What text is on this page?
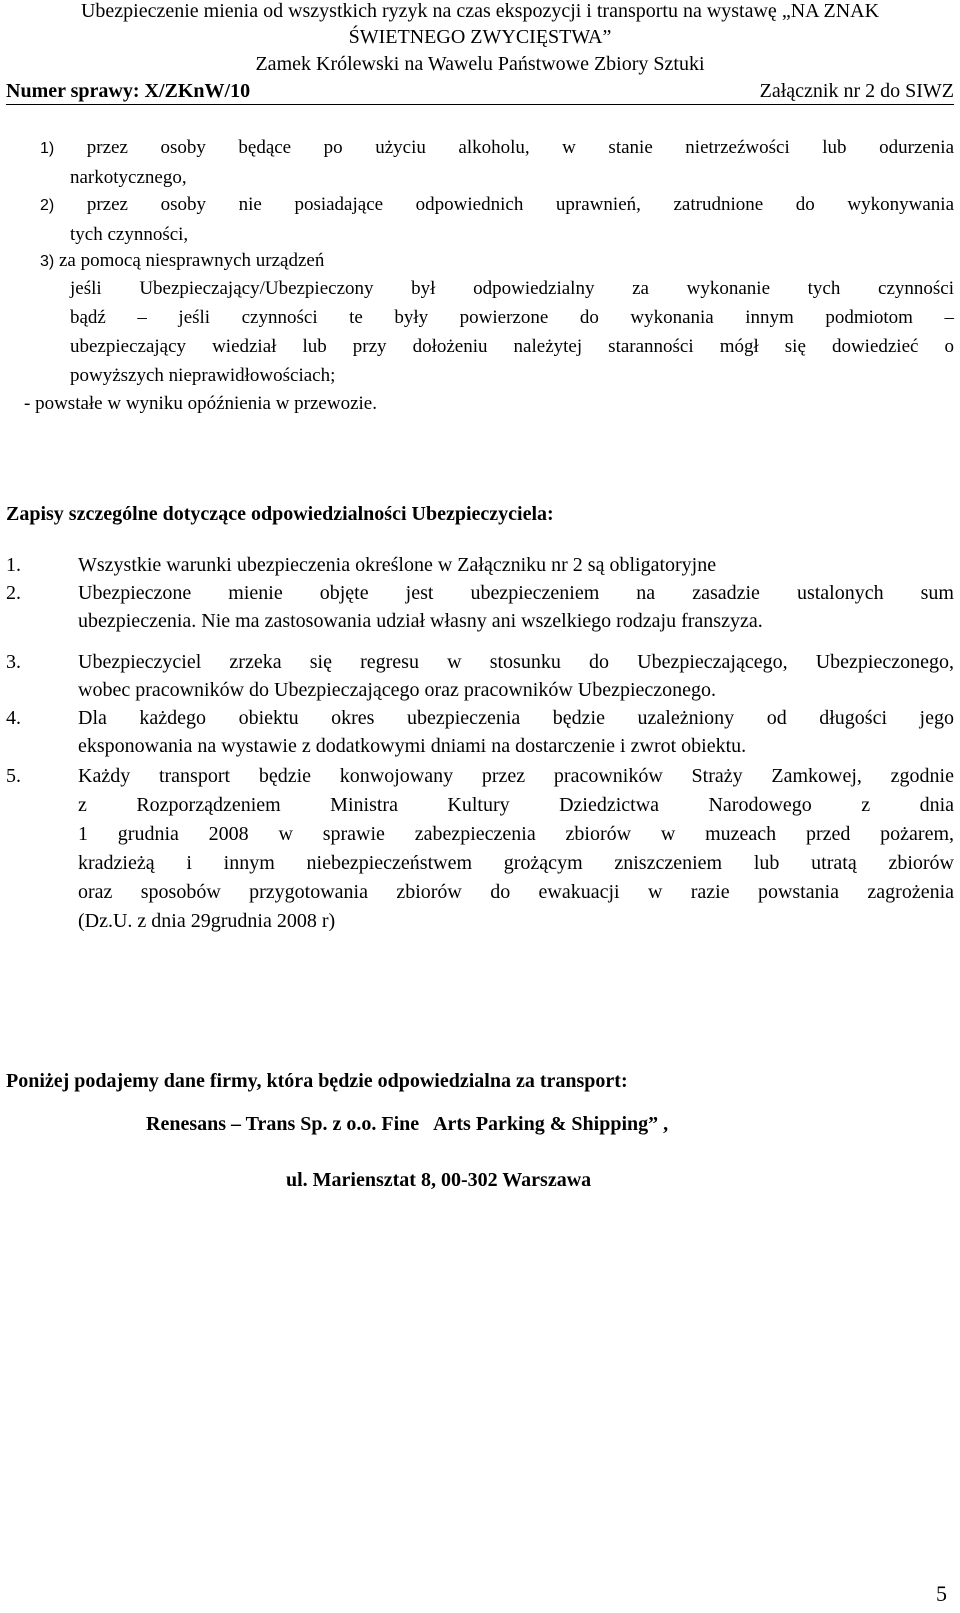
Ubezpieczenie mienia od wszystkich ryzyk na czas ekspozycji i transportu na wystawę „NA ZNAK
ŚWIETNEGO ZWYCIĘSTWA”
Zamek Królewski na Wawelu Państwowe Zbiory Sztuki
Numer sprawy: X/ZKnW/10	Załącznik nr 2 do SIWZ
1) przez osoby będące po użyciu alkoholu, w stanie nietrzeźwości lub odurzenia
narkotycznego,
2) przez osoby nie posiadające odpowiednich uprawnień, zatrudnione do wykonywania
tych czynności,
3) za pomocą niesprawnych urządzeń
jeśli Ubezpieczający/Ubezpieczony był odpowiedzialny za wykonanie tych czynności
bądź – jeśli czynności te były powierzone do wykonania innym podmiotom –
ubezpieczający wiedział lub przy dołożeniu należytej staranności mógł się dowiedzieć o
powyższych nieprawidłowościach;
- powstałe w wyniku opóźnienia w przewozie.
Zapisy szczególne dotyczące odpowiedzialności Ubezpieczyciela:
1.	Wszystkie warunki ubezpieczenia określone w Załączniku nr 2 są obligatoryjne
2.	Ubezpieczone mienie objęte jest ubezpieczeniem na zasadzie ustalonych sum
ubezpieczenia. Nie ma zastosowania udział własny ani wszelkiego rodzaju franszyza.
3.	Ubezpieczyciel zrzeka się regresu w stosunku do Ubezpieczającego, Ubezpieczonego,
wobec pracowników do Ubezpieczającego oraz pracowników Ubezpieczonego.
4.	Dla każdego obiektu okres ubezpieczenia będzie uzależniony od długości jego
eksponowania na wystawie z dodatkowymi dniami na dostarczenie i zwrot obiektu.
5.	Każdy transport będzie konwojowany przez pracowników Straży Zamkowej, zgodnie
z Rozporządzeniem Ministra Kultury Dziedzictwa Narodowego z dnia
1 grudnia 2008 w sprawie zabezpieczenia zbiorów w muzeach przed pożarem,
kradzieżą i innym niebezpieczeństwem grożącym zniszczeniem lub utratą zbiorów
oraz sposobów przygotowania zbiorów do ewakuacji w razie powstania zagrożenia
(Dz.U. z dnia 29grudnia 2008 r)
Poniżej podajemy dane firmy, która będzie odpowiedzialna za transport:
Renesans – Trans Sp. z o.o. Fine   Arts Parking & Shipping” ,
ul. Mariensztat 8, 00-302 Warszawa
5
